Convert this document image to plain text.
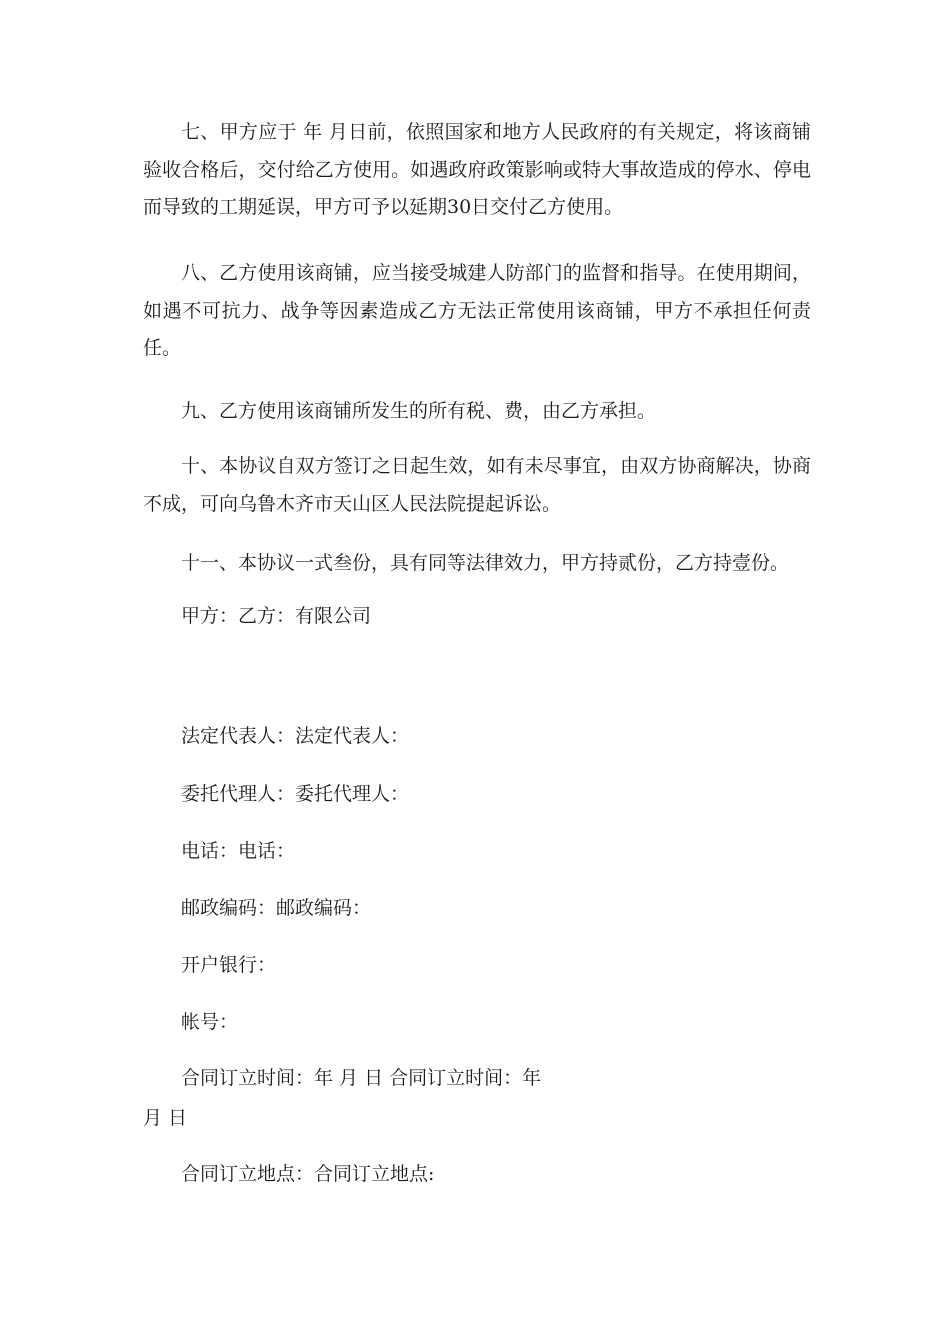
七、甲方应于 年 月日前，依照国家和地方人民政府的有关规定，将该商铺验收合格后，交付给乙方使用。如遇政府政策影响或特大事故造成的停水、停电而导致的工期延误，甲方可予以延期30日交付乙方使用。

八、乙方使用该商铺，应当接受城建人防部门的监督和指导。在使用期间，如遇不可抗力、战争等因素造成乙方无法正常使用该商铺，甲方不承担任何责任。

九、乙方使用该商铺所发生的所有税、费，由乙方承担。

十、本协议自双方签订之日起生效，如有未尽事宜，由双方协商解决，协商不成，可向乌鲁木齐市天山区人民法院提起诉讼。

十一、本协议一式叁份，具有同等法律效力，甲方持贰份，乙方持壹份。

甲方：乙方：有限公司

法定代表人：法定代表人：

委托代理人：委托代理人：

电话：电话：

邮政编码：邮政编码：

开户银行：

帐号：

合同订立时间：年 月 日 合同订立时间：年

月 日

合同订立地点：合同订立地点:
